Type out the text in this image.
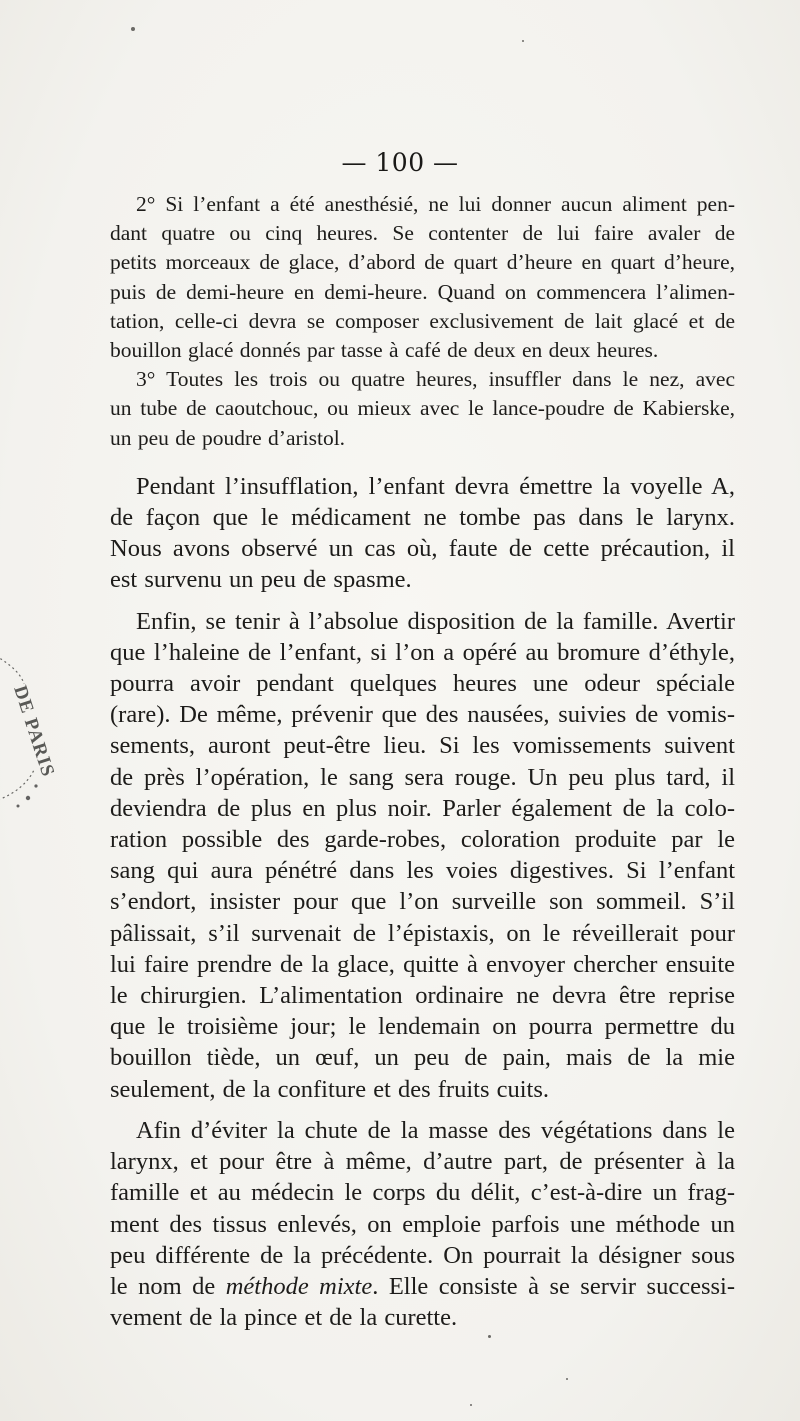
— 100 —
2° Si l’enfant a été anesthésié, ne lui donner aucun aliment pen-
dant quatre ou cinq heures. Se contenter de lui faire avaler de
petits morceaux de glace, d’abord de quart d’heure en quart d’heure,
puis de demi-heure en demi-heure. Quand on commencera l’alimen-
tation, celle-ci devra se composer exclusivement de lait glacé et de
bouillon glacé donnés par tasse à café de deux en deux heures.
3° Toutes les trois ou quatre heures, insuffler dans le nez, avec
un tube de caoutchouc, ou mieux avec le lance-poudre de Kabierske,
un peu de poudre d’aristol.
Pendant l’insufflation, l’enfant devra émettre la voyelle A,
de façon que le médicament ne tombe pas dans le larynx.
Nous avons observé un cas où, faute de cette précaution, il
est survenu un peu de spasme.
Enfin, se tenir à l’absolue disposition de la famille. Avertir
que l’haleine de l’enfant, si l’on a opéré au bromure d’éthyle,
pourra avoir pendant quelques heures une odeur spéciale
(rare). De même, prévenir que des nausées, suivies de vomis-
sements, auront peut-être lieu. Si les vomissements suivent
de près l’opération, le sang sera rouge. Un peu plus tard, il
deviendra de plus en plus noir. Parler également de la colo-
ration possible des garde-robes, coloration produite par le
sang qui aura pénétré dans les voies digestives. Si l’enfant
s’endort, insister pour que l’on surveille son sommeil. S’il
pâlissait, s’il survenait de l’épistaxis, on le réveillerait pour
lui faire prendre de la glace, quitte à envoyer chercher ensuite
le chirurgien. L’alimentation ordinaire ne devra être reprise
que le troisième jour; le lendemain on pourra permettre du
bouillon tiède, un œuf, un peu de pain, mais de la mie
seulement, de la confiture et des fruits cuits.
Afin d’éviter la chute de la masse des végétations dans le
larynx, et pour être à même, d’autre part, de présenter à la
famille et au médecin le corps du délit, c’est-à-dire un frag-
ment des tissus enlevés, on emploie parfois une méthode un
peu différente de la précédente. On pourrait la désigner sous
le nom de méthode mixte. Elle consiste à se servir successi-
vement de la pince et de la curette.
DE PARIS
